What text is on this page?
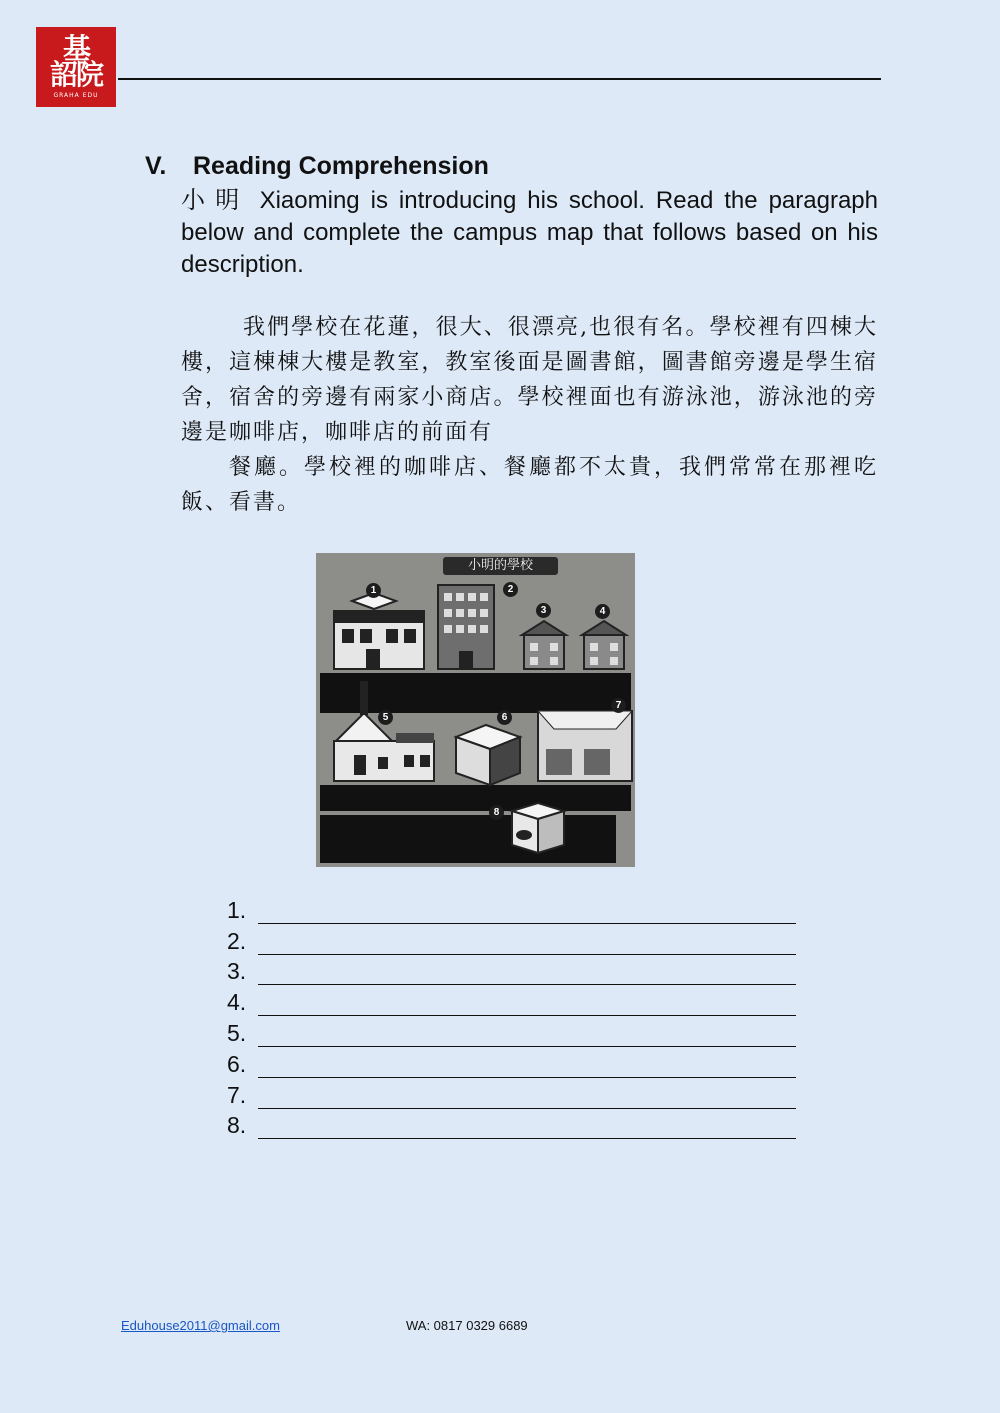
基
詔院
GRAHA EDU
V. Reading Comprehension

小明 Xiaoming is introducing his school. Read the paragraph below and complete the campus map that follows based on his description.

我們學校在花蓮，很大、很漂亮,也很有名。學校裡有四棟大樓，這棟棟大樓是教室，教室後面是圖書館，圖書館旁邊是學生宿舍，宿舍的旁邊有兩家小商店。學校裡面也有游泳池，游泳池的旁邊是咖啡店，咖啡店的前面有

餐廳。學校裡的咖啡店、餐廳都不太貴，我們常常在那裡吃飯、看書。

小明的學校
1	2
3	4
5	6
7
8
1.
2.
3.
4.
5.
6.
7.
8.
Eduhouse2011@gmail.com	WA: 0817 0329 6689
